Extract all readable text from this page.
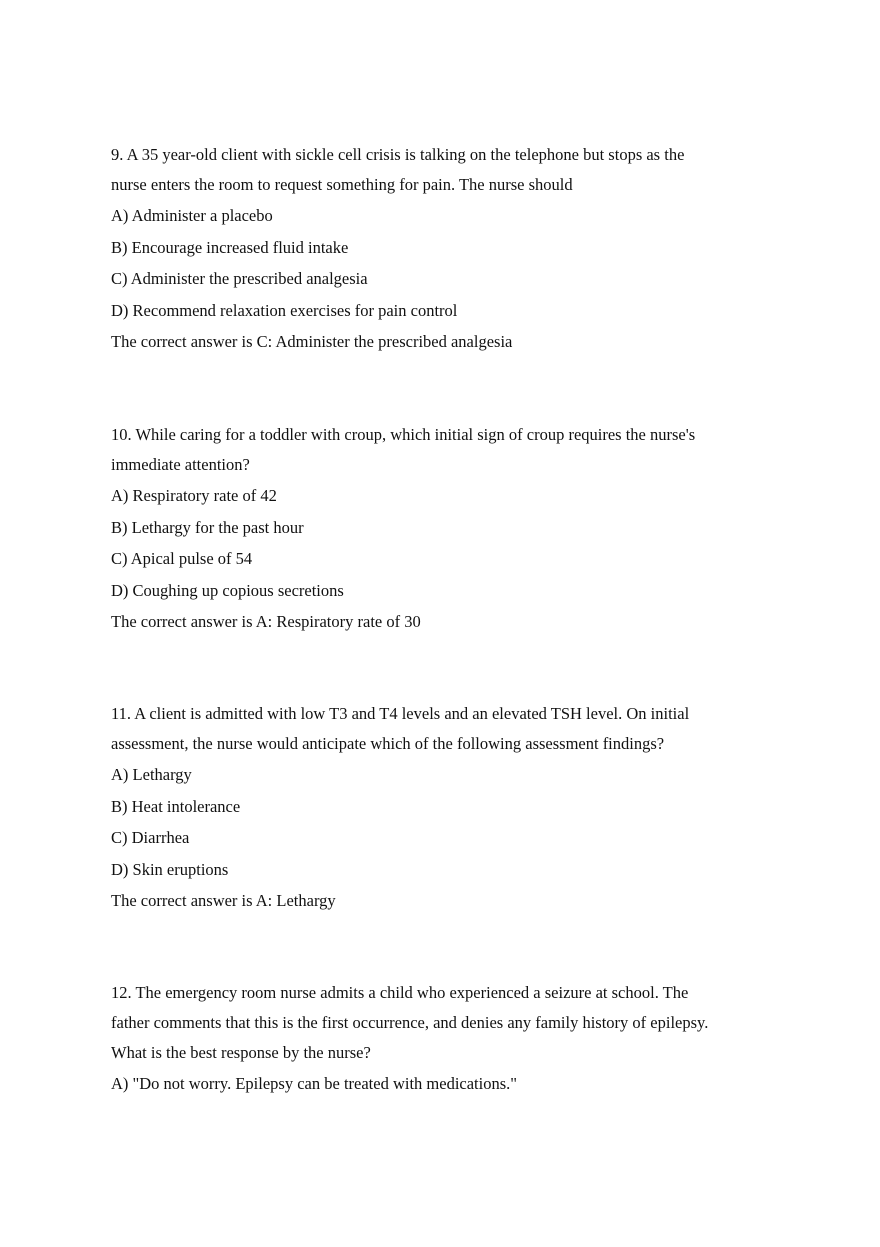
9. A 35 year-old client with sickle cell crisis is talking on the telephone but stops as the
nurse enters the room to request something for pain. The nurse should
A) Administer a placebo
B) Encourage increased fluid intake
C) Administer the prescribed analgesia
D) Recommend relaxation exercises for pain control
The correct answer is C: Administer the prescribed analgesia
10. While caring for a toddler with croup, which initial sign of croup requires the nurse's
immediate attention?
A) Respiratory rate of 42
B) Lethargy for the past hour
C) Apical pulse of 54
D) Coughing up copious secretions
The correct answer is A: Respiratory rate of 30
11. A client is admitted with low T3 and T4 levels and an elevated TSH level. On initial
assessment, the nurse would anticipate which of the following assessment findings?
A) Lethargy
B) Heat intolerance
C) Diarrhea
D) Skin eruptions
The correct answer is A: Lethargy
12. The emergency room nurse admits a child who experienced a seizure at school. The
father comments that this is the first occurrence, and denies any family history of epilepsy.
What is the best response by the nurse?
A) "Do not worry. Epilepsy can be treated with medications."
